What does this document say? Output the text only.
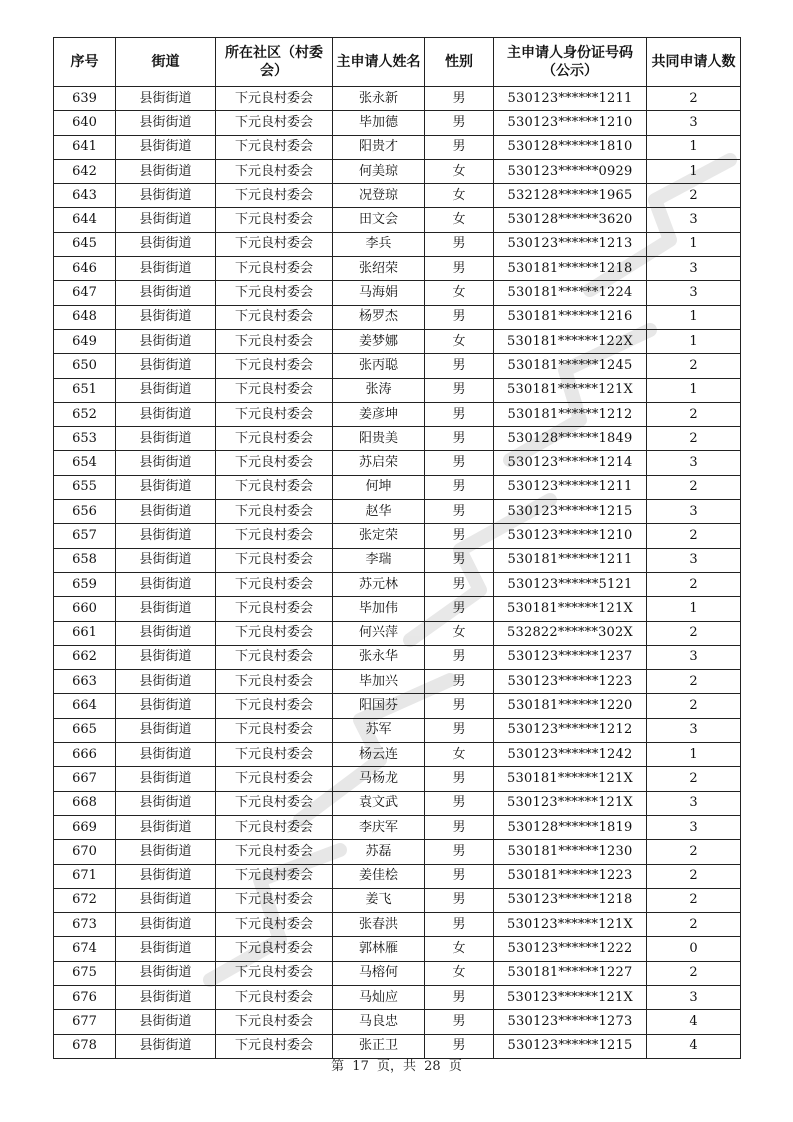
序号	街道	所在社区（村委会）	主申请人姓名	性别	主申请人身份证号码（公示）	共同申请人数
639	县街街道	下元良村委会	张永新	男	530123******1211	2
640	县街街道	下元良村委会	毕加德	男	530123******1210	3
641	县街街道	下元良村委会	阳贵才	男	530128******1810	1
642	县街街道	下元良村委会	何美琼	女	530123******0929	1
643	县街街道	下元良村委会	况登琼	女	532128******1965	2
644	县街街道	下元良村委会	田文会	女	530128******3620	3
645	县街街道	下元良村委会	李兵	男	530123******1213	1
646	县街街道	下元良村委会	张绍荣	男	530181******1218	3
647	县街街道	下元良村委会	马海娟	女	530181******1224	3
648	县街街道	下元良村委会	杨罗杰	男	530181******1216	1
649	县街街道	下元良村委会	姜梦娜	女	530181******122X	1
650	县街街道	下元良村委会	张丙聪	男	530181******1245	2
651	县街街道	下元良村委会	张涛	男	530181******121X	1
652	县街街道	下元良村委会	姜彦坤	男	530181******1212	2
653	县街街道	下元良村委会	阳贵美	男	530128******1849	2
654	县街街道	下元良村委会	苏启荣	男	530123******1214	3
655	县街街道	下元良村委会	何坤	男	530123******1211	2
656	县街街道	下元良村委会	赵华	男	530123******1215	3
657	县街街道	下元良村委会	张定荣	男	530123******1210	2
658	县街街道	下元良村委会	李瑞	男	530181******1211	3
659	县街街道	下元良村委会	苏元林	男	530123******5121	2
660	县街街道	下元良村委会	毕加伟	男	530181******121X	1
661	县街街道	下元良村委会	何兴萍	女	532822******302X	2
662	县街街道	下元良村委会	张永华	男	530123******1237	3
663	县街街道	下元良村委会	毕加兴	男	530123******1223	2
664	县街街道	下元良村委会	阳国芬	男	530181******1220	2
665	县街街道	下元良村委会	苏军	男	530123******1212	3
666	县街街道	下元良村委会	杨云连	女	530123******1242	1
667	县街街道	下元良村委会	马杨龙	男	530181******121X	2
668	县街街道	下元良村委会	袁文武	男	530123******121X	3
669	县街街道	下元良村委会	李庆军	男	530128******1819	3
670	县街街道	下元良村委会	苏磊	男	530181******1230	2
671	县街街道	下元良村委会	姜佳桧	男	530181******1223	2
672	县街街道	下元良村委会	姜飞	男	530123******1218	2
673	县街街道	下元良村委会	张春洪	男	530123******121X	2
674	县街街道	下元良村委会	郭林雁	女	530123******1222	0
675	县街街道	下元良村委会	马榕何	女	530181******1227	2
676	县街街道	下元良村委会	马灿应	男	530123******121X	3
677	县街街道	下元良村委会	马良忠	男	530123******1273	4
678	县街街道	下元良村委会	张正卫	男	530123******1215	4
第 17 页，共 28 页
